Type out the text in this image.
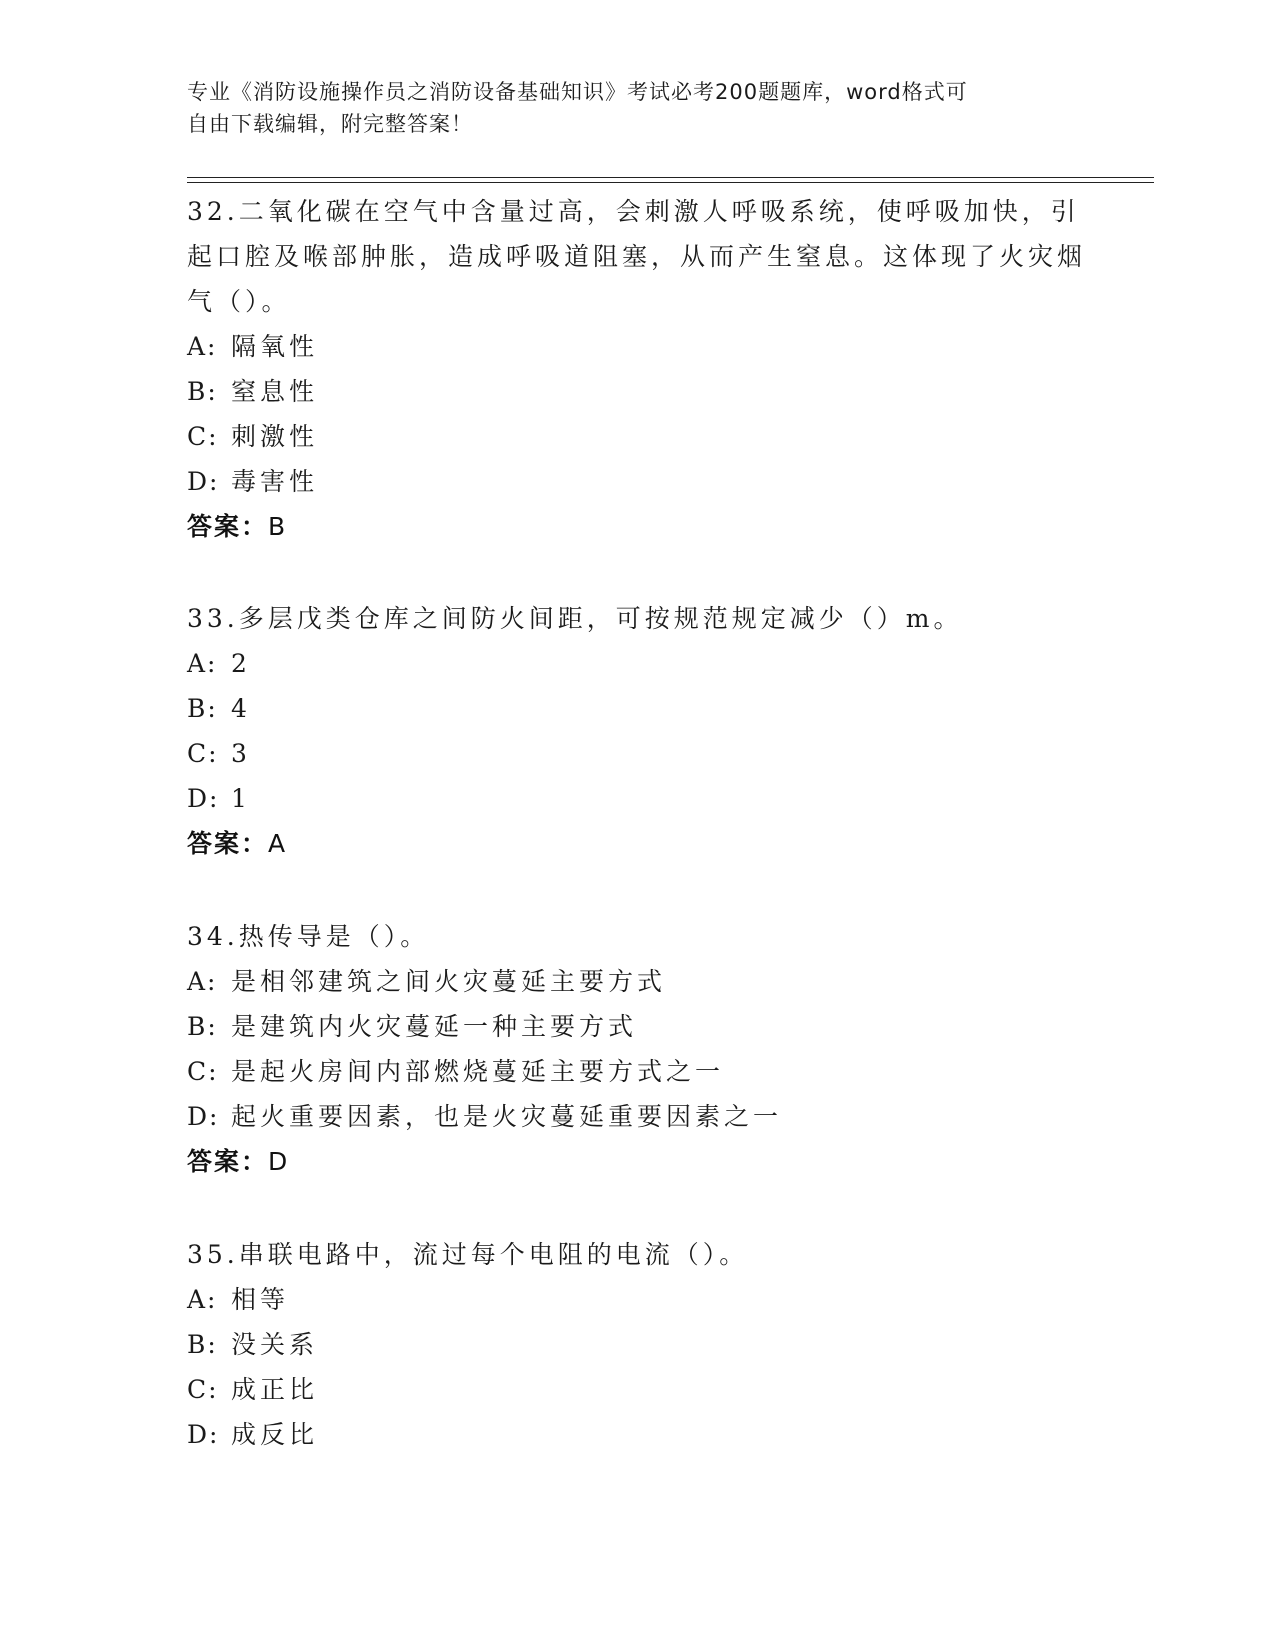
专业《消防设施操作员之消防设备基础知识》考试必考200题题库，word格式可
自由下载编辑，附完整答案！

32.二氧化碳在空气中含量过高，会刺激人呼吸系统，使呼吸加快，引起口腔及喉部肿胀，造成呼吸道阻塞，从而产生窒息。这体现了火灾烟气（）。

A: 隔氧性
B: 窒息性
C: 刺激性
D: 毒害性

答案：B

33.多层戊类仓库之间防火间距，可按规范规定减少（）m。

A: 2
B: 4
C: 3
D: 1

答案：A

34.热传导是（）。

A: 是相邻建筑之间火灾蔓延主要方式
B: 是建筑内火灾蔓延一种主要方式
C: 是起火房间内部燃烧蔓延主要方式之一
D: 起火重要因素，也是火灾蔓延重要因素之一

答案：D

35.串联电路中，流过每个电阻的电流（）。

A: 相等
B: 没关系
C: 成正比
D: 成反比
